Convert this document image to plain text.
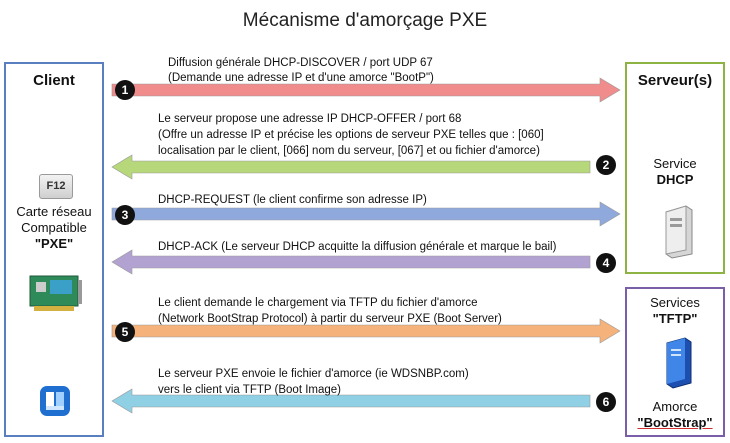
Mécanisme d'amorçage PXE
Client
F12
Carte réseau
Compatible
"PXE"
Serveur(s)
Service
DHCP
Services
"TFTP"
Amorce
"BootStrap"
1
2
3
4
5
6
Diffusion générale DHCP-DISCOVER / port UDP 67
(Demande une adresse IP et d'une amorce "BootP")
Le serveur propose une adresse IP DHCP-OFFER / port 68
(Offre un adresse IP et précise les options de serveur PXE telles que : [060]
localisation par le client, [066] nom du serveur, [067] et ou fichier d'amorce)
DHCP-REQUEST (le client confirme son adresse IP)
DHCP-ACK (Le serveur DHCP acquitte la diffusion générale et marque le bail)
Le client demande le chargement via TFTP du fichier d'amorce
(Network BootStrap Protocol) à partir du serveur PXE (Boot Server)
Le serveur PXE envoie le fichier d'amorce (ie WDSNBP.com)
vers le client via TFTP (Boot Image)
